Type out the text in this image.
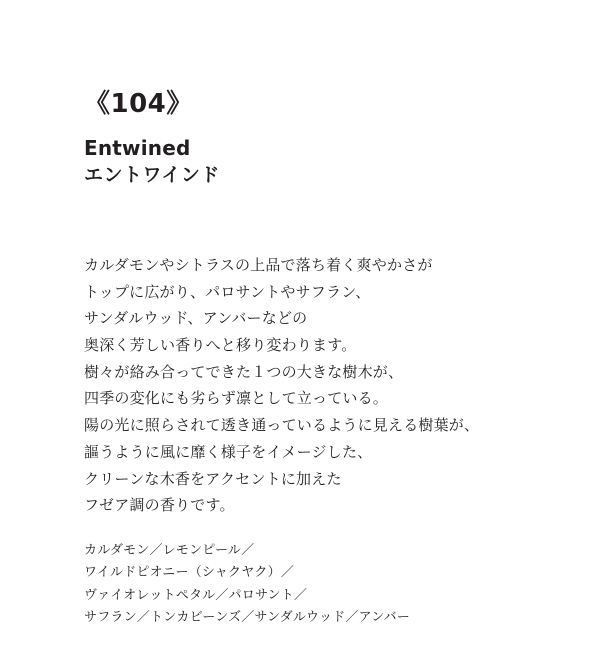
《104》
Entwined
エントワインド

カルダモンやシトラスの上品で落ち着く爽やかさが

トップに広がり、パロサントやサフラン、

サンダルウッド、アンバーなどの

奥深く芳しい香りへと移り変わります。

樹々が絡み合ってできた１つの大きな樹木が、

四季の変化にも劣らず凛として立っている。

陽の光に照らされて透き通っているように見える樹葉が、

謳うように風に靡く様子をイメージした、

クリーンな木香をアクセントに加えた

フゼア調の香りです。

カルダモン／レモンピール／

ワイルドピオニー（シャクヤク）／

ヴァイオレットペタル／パロサント／

サフラン／トンカビーンズ／サンダルウッド／アンバー
